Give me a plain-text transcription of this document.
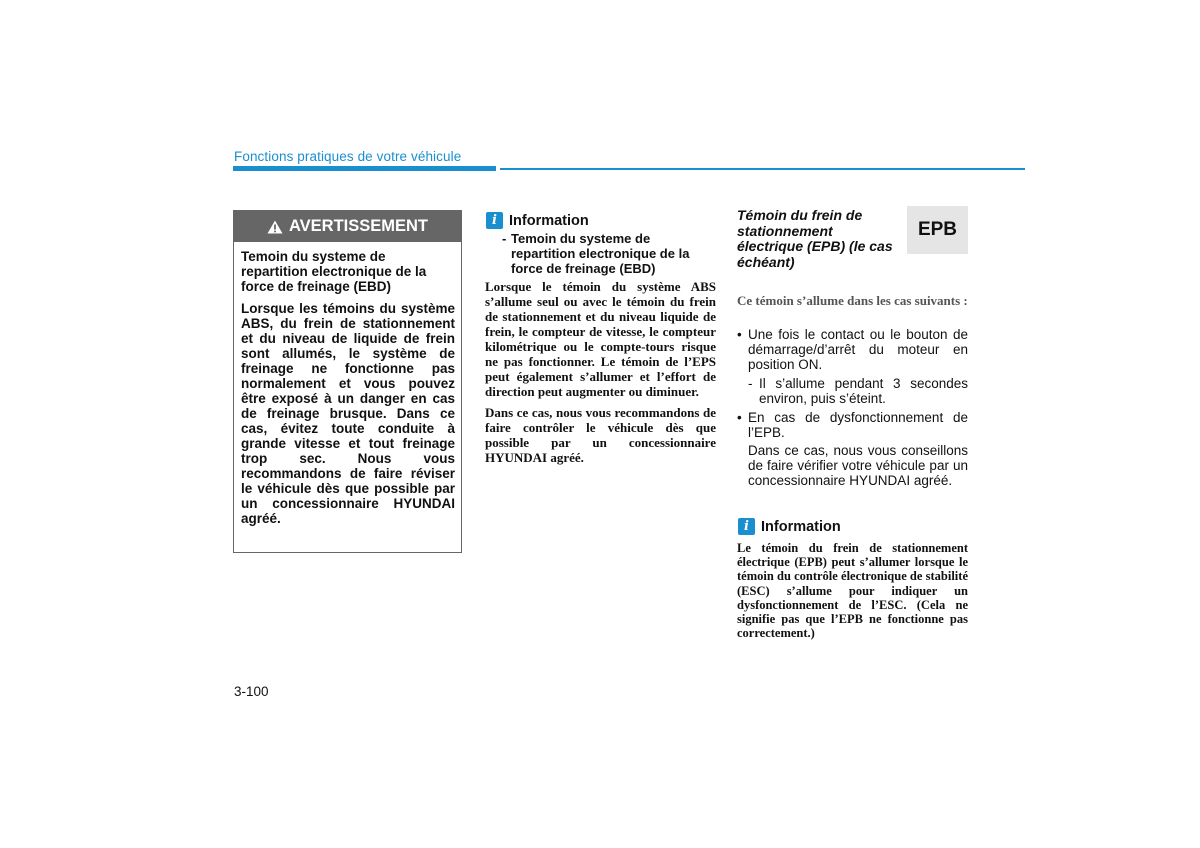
Fonctions pratiques de votre véhicule
AVERTISSEMENT

Temoin du systeme de repartition electronique de la force de freinage (EBD)

Lorsque les témoins du système ABS, du frein de stationnement et du niveau de liquide de frein sont allumés, le système de freinage ne fonctionne pas normalement et vous pouvez être exposé à un danger en cas de freinage brusque. Dans ce cas, évitez toute conduite à grande vitesse et tout freinage trop sec. Nous vous recommandons de faire réviser le véhicule dès que possible par un concessionnaire HYUNDAI agréé.

i Information
- Temoin du systeme de repartition electronique de la force de freinage (EBD)

Lorsque le témoin du système ABS s’allume seul ou avec le témoin du frein de stationnement et du niveau liquide de frein, le compteur de vitesse, le compteur kilométrique ou le compte-tours risque ne pas fonctionner. Le témoin de l’EPS peut également s’allumer et l’effort de direction peut augmenter ou diminuer.

Dans ce cas, nous vous recommandons de faire contrôler le véhicule dès que possible par un concessionnaire HYUNDAI agréé.

Témoin du frein de stationnement électrique (EPB) (le cas échéant)
EPB
Ce témoin s’allume dans les cas suivants :
• Une fois le contact ou le bouton de démarrage/d’arrêt du moteur en position ON.
- Il s’allume pendant 3 secondes environ, puis s’éteint.
• En cas de dysfonctionnement de l’EPB.
Dans ce cas, nous vous conseillons de faire vérifier votre véhicule par un concessionnaire HYUNDAI agréé.
i Information

Le témoin du frein de stationnement électrique (EPB) peut s’allumer lorsque le témoin du contrôle électronique de stabilité (ESC) s’allume pour indiquer un dysfonctionnement de l’ESC. (Cela ne signifie pas que l’EPB ne fonctionne pas correctement.)

3-100
